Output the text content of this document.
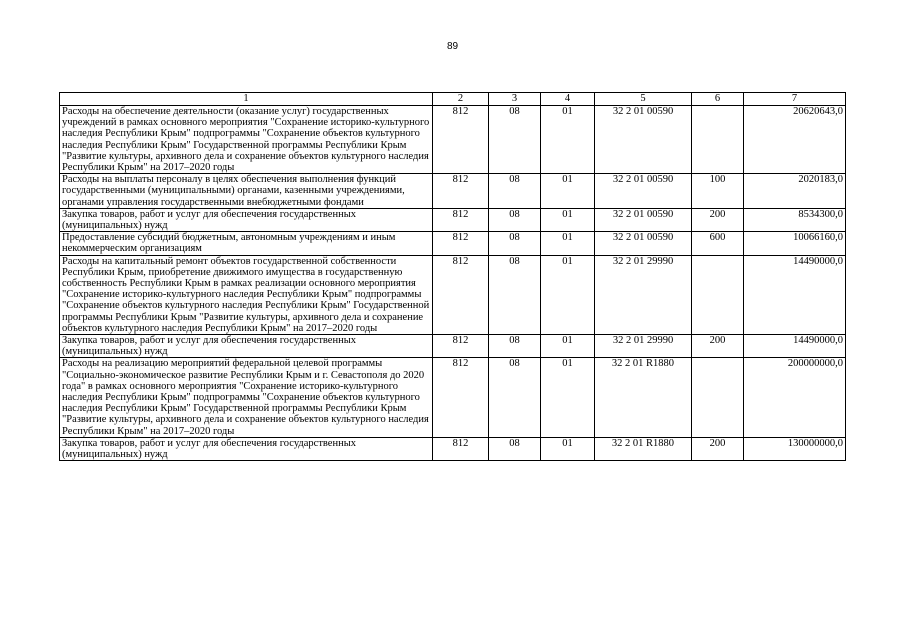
89
1	2	3	4	5	6	7
Расходы на обеспечение деятельности (оказание услуг) государственных учреждений в рамках основного мероприятия "Сохранение историко-культурного наследия Республики Крым" подпрограммы "Сохранение объектов культурного наследия Республики Крым" Государственной программы Республики Крым "Развитие культуры, архивного дела и сохранение объектов культурного наследия Республики Крым" на 2017–2020 годы	812	08	01	32 2 01 00590		20620643,0
Расходы на выплаты персоналу в целях обеспечения выполнения функций государственными (муниципальными) органами, казенными учреждениями, органами управления государственными внебюджетными фондами	812	08	01	32 2 01 00590	100	2020183,0
Закупка товаров, работ и услуг для обеспечения государственных (муниципальных) нужд	812	08	01	32 2 01 00590	200	8534300,0
Предоставление субсидий бюджетным, автономным учреждениям и иным некоммерческим организациям	812	08	01	32 2 01 00590	600	10066160,0
Расходы на капитальный ремонт объектов государственной собственности Республики Крым, приобретение движимого имущества в государственную собственность Республики Крым в рамках реализации основного мероприятия "Сохранение историко-культурного наследия Республики Крым" подпрограммы "Сохранение объектов культурного наследия Республики Крым" Государственной программы Республики Крым "Развитие культуры, архивного дела и сохранение объектов культурного наследия Республики Крым" на 2017–2020 годы	812	08	01	32 2 01 29990		14490000,0
Закупка товаров, работ и услуг для обеспечения государственных (муниципальных) нужд	812	08	01	32 2 01 29990	200	14490000,0
Расходы на реализацию мероприятий федеральной целевой программы "Социально-экономическое развитие Республики Крым и г. Севастополя до 2020 года" в рамках основного мероприятия "Сохранение историко-культурного наследия Республики Крым" подпрограммы "Сохранение объектов культурного наследия Республики Крым" Государственной программы Республики Крым "Развитие культуры, архивного дела и сохранение объектов культурного наследия Республики Крым" на 2017–2020 годы	812	08	01	32 2 01 R1880		200000000,0
Закупка товаров, работ и услуг для обеспечения государственных (муниципальных) нужд	812	08	01	32 2 01 R1880	200	130000000,0
